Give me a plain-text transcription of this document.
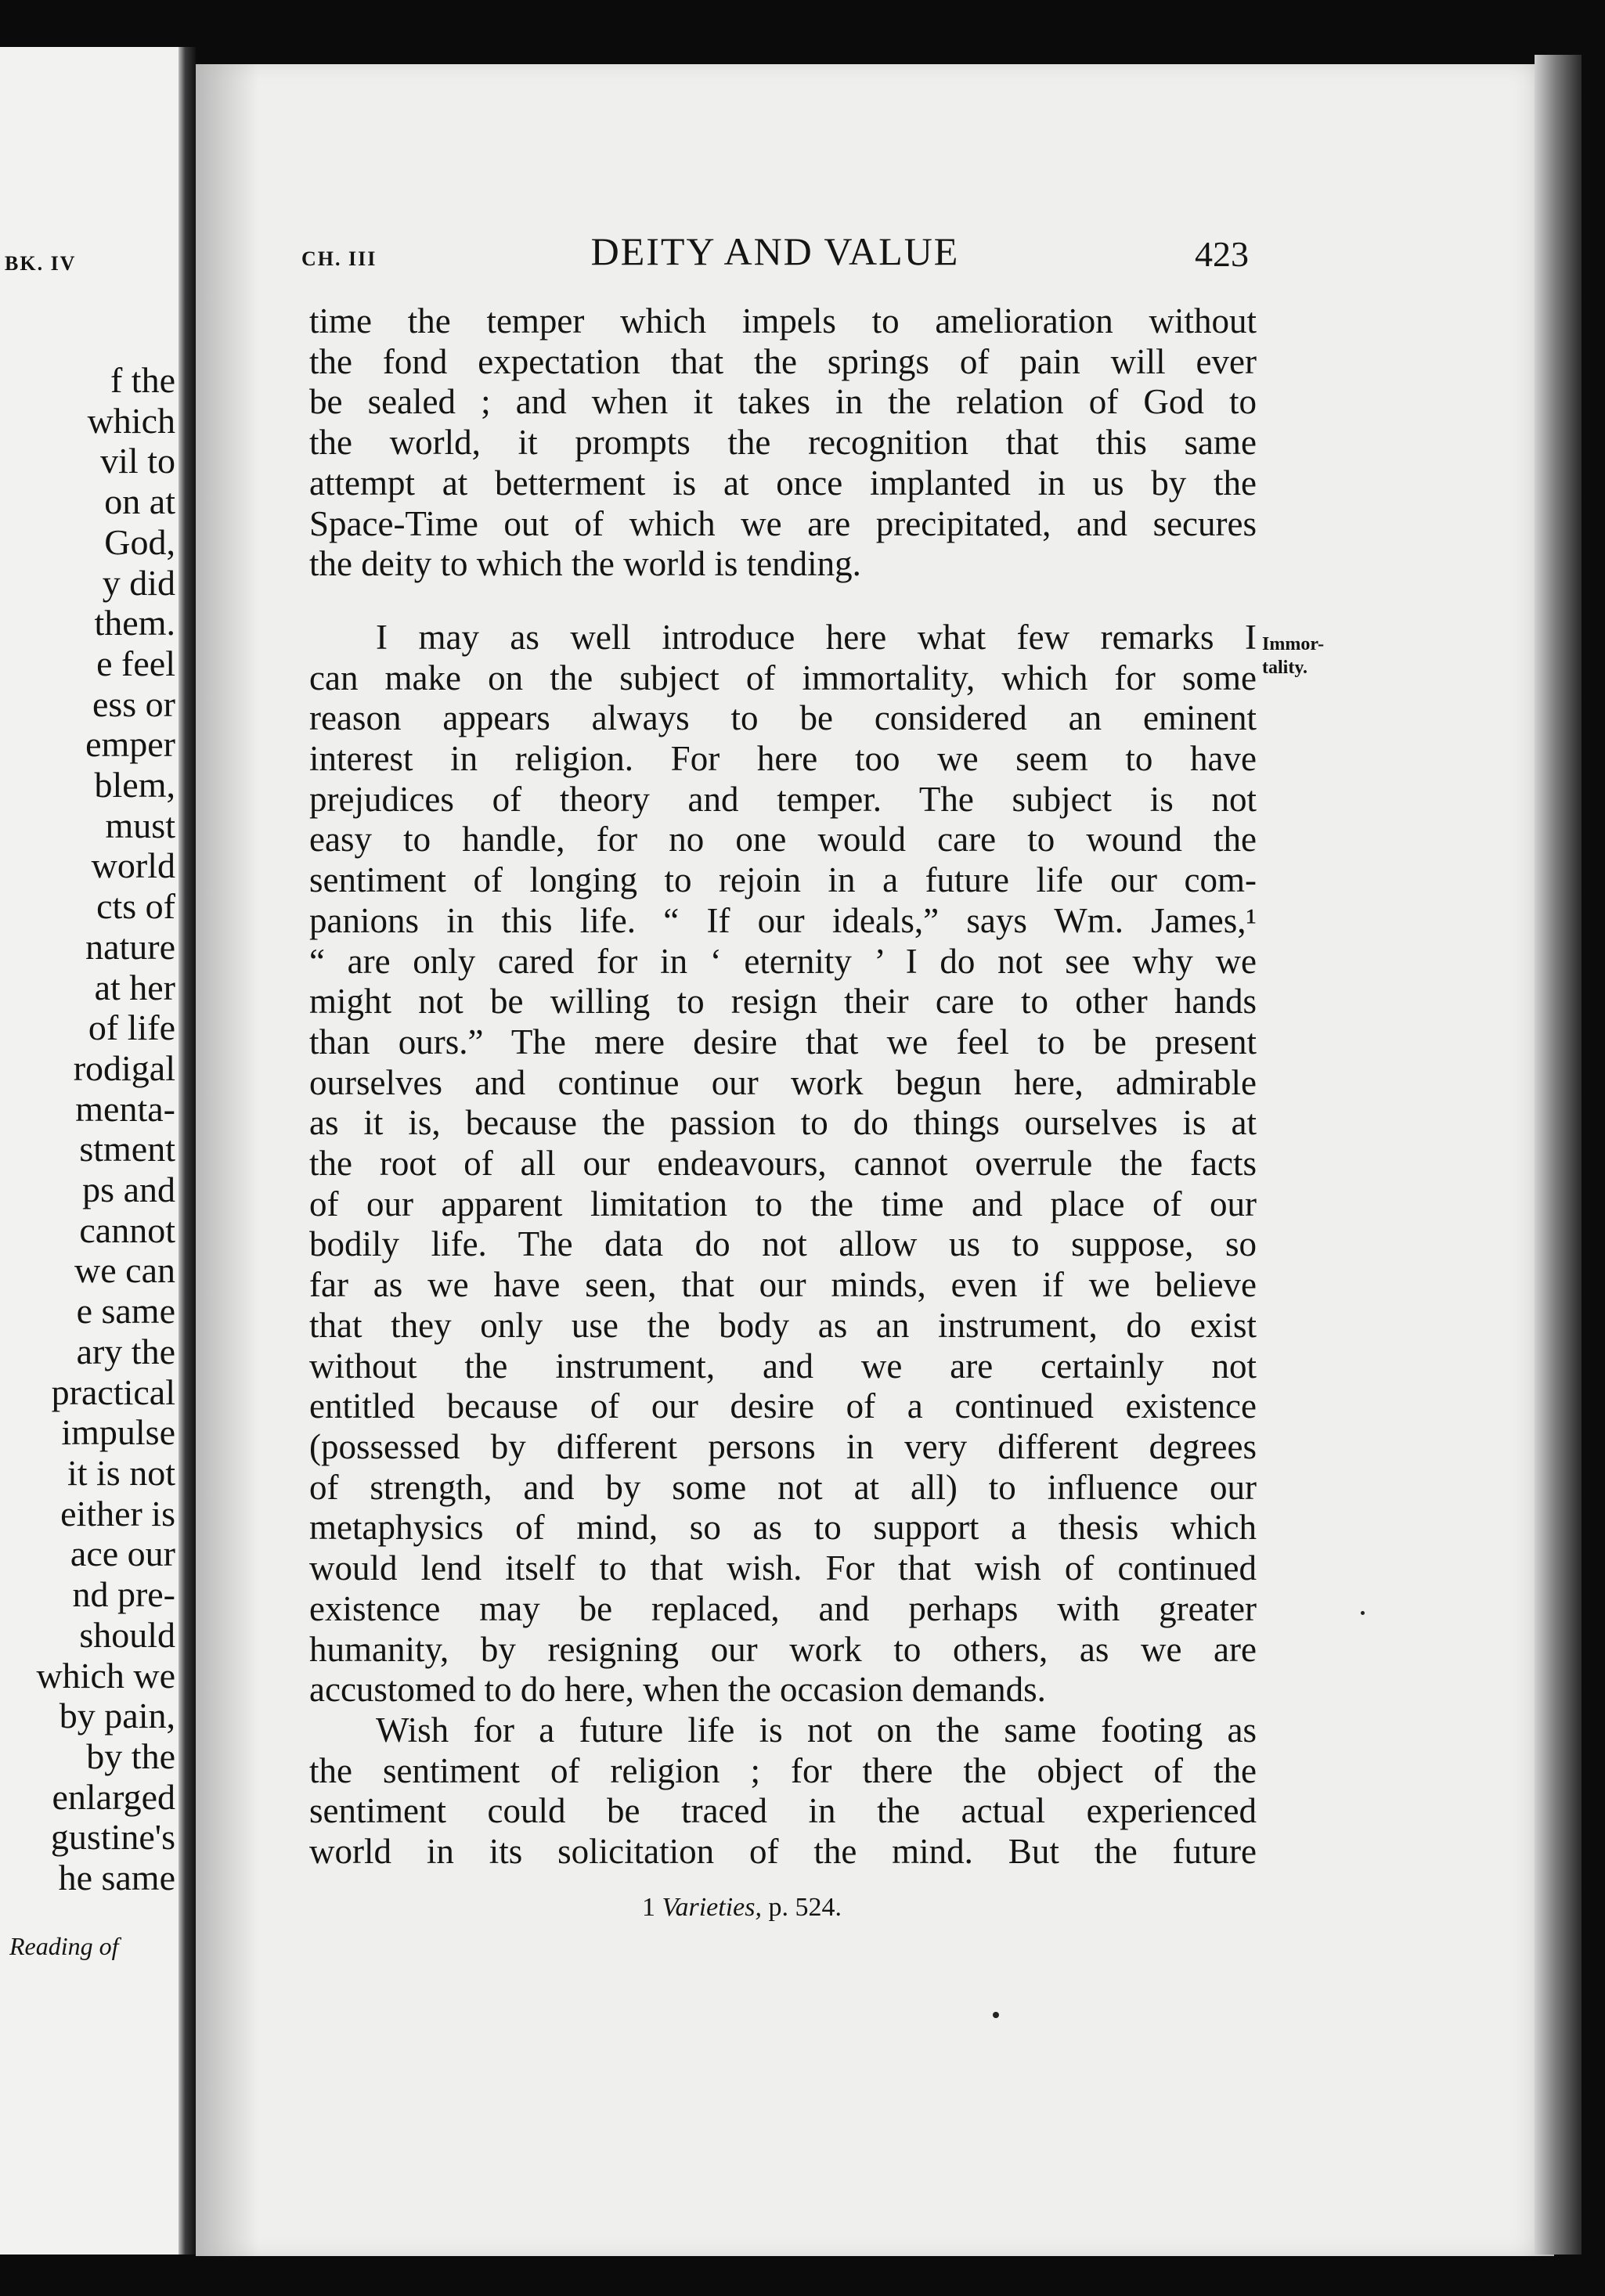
BK. IV
f the
which
vil to
on at
God,
y did
them.
e feel
ess or
emper
blem,
must
world
cts of
nature
at her
of life
rodigal
menta-
stment
ps and
cannot
we can
e same
ary the
practical
impulse
it is not
either is
ace our
nd pre-
should
which we
by pain,
by the
enlarged
gustine's
he same
Reading of
CH. III	DEITY AND VALUE	423

time the temper which impels to amelioration without

the fond expectation that the springs of pain will ever

be sealed ; and when it takes in the relation of God to

the world, it prompts the recognition that this same

attempt at betterment is at once implanted in us by the

Space-Time out of which we are precipitated, and secures

the deity to which the world is tending.

I may as well introduce here what few remarks I

can make on the subject of immortality, which for some

reason appears always to be considered an eminent

interest in religion. For here too we seem to have

prejudices of theory and temper. The subject is not

easy to handle, for no one would care to wound the

sentiment of longing to rejoin in a future life our com-

panions in this life. “ If our ideals,” says Wm. James,¹

“ are only cared for in ‘ eternity ’ I do not see why we

might not be willing to resign their care to other hands

than ours.” The mere desire that we feel to be present

ourselves and continue our work begun here, admirable

as it is, because the passion to do things ourselves is at

the root of all our endeavours, cannot overrule the facts

of our apparent limitation to the time and place of our

bodily life. The data do not allow us to suppose, so

far as we have seen, that our minds, even if we believe

that they only use the body as an instrument, do exist

without the instrument, and we are certainly not

entitled because of our desire of a continued existence

(possessed by different persons in very different degrees

of strength, and by some not at all) to influence our

metaphysics of mind, so as to support a thesis which

would lend itself to that wish. For that wish of continued

existence may be replaced, and perhaps with greater

humanity, by resigning our work to others, as we are

accustomed to do here, when the occasion demands.

Wish for a future life is not on the same footing as

the sentiment of religion ; for there the object of the

sentiment could be traced in the actual experienced

world in its solicitation of the mind. But the future

Immor-
tality.
1 Varieties, p. 524.
